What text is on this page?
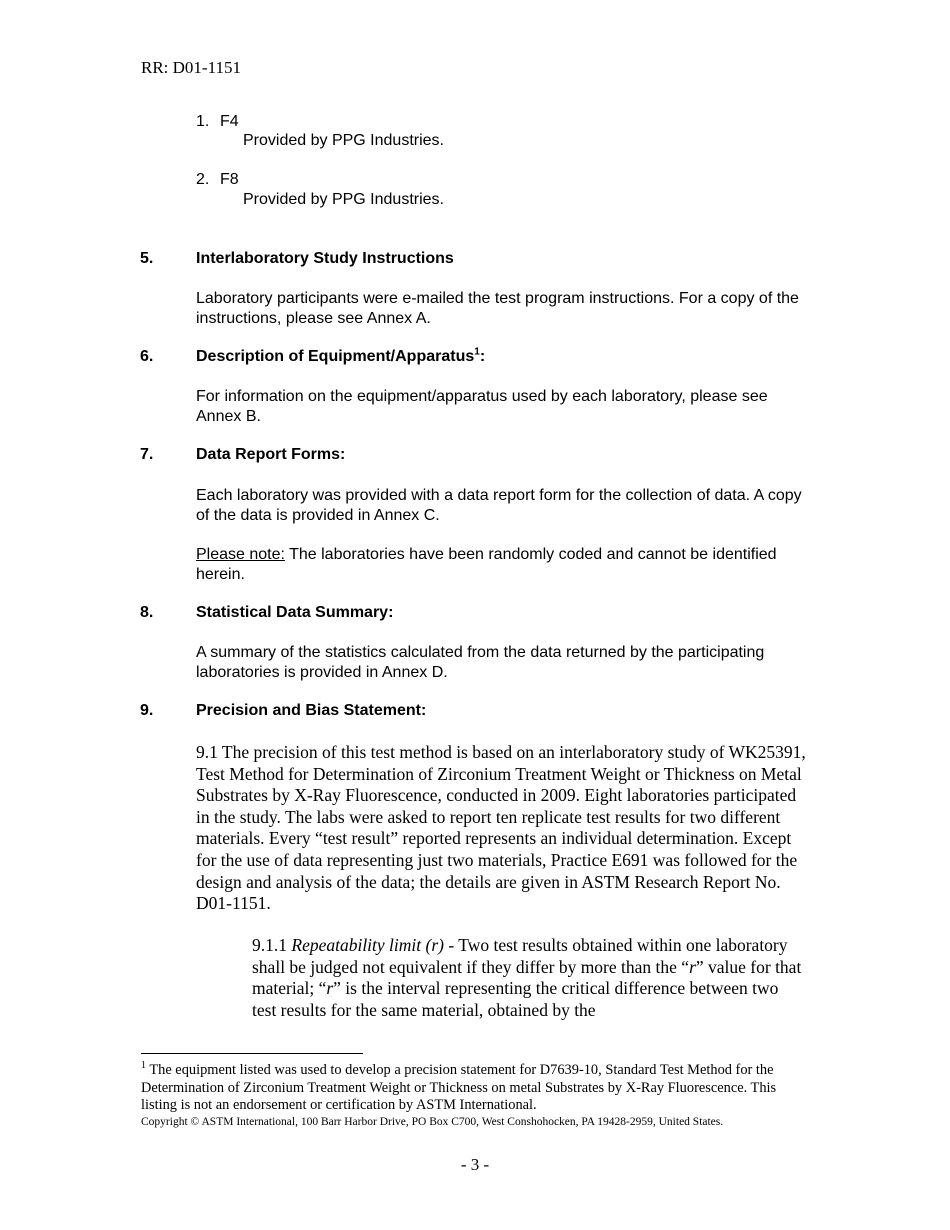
RR: D01-1151
1. F4
Provided by PPG Industries.
2. F8
Provided by PPG Industries.
5.	Interlaboratory Study Instructions
Laboratory participants were e-mailed the test program instructions. For a copy of the instructions, please see Annex A.
6.	Description of Equipment/Apparatus$^1$:
For information on the equipment/apparatus used by each laboratory, please see Annex B.
7.	Data Report Forms:
Each laboratory was provided with a data report form for the collection of data. A copy of the data is provided in Annex C.
Please note: The laboratories have been randomly coded and cannot be identified herein.
8.	Statistical Data Summary:
A summary of the statistics calculated from the data returned by the participating laboratories is provided in Annex D.
9.	Precision and Bias Statement:
9.1 The precision of this test method is based on an interlaboratory study of WK25391, Test Method for Determination of Zirconium Treatment Weight or Thickness on Metal Substrates by X-Ray Fluorescence, conducted in 2009. Eight laboratories participated in the study. The labs were asked to report ten replicate test results for two different materials. Every “test result” reported represents an individual determination. Except for the use of data representing just two materials, Practice E691 was followed for the design and analysis of the data; the details are given in ASTM Research Report No. D01-1151.
9.1.1 Repeatability limit (r) - Two test results obtained within one laboratory shall be judged not equivalent if they differ by more than the “r” value for that material; “r” is the interval representing the critical difference between two test results for the same material, obtained by the
$^1$ The equipment listed was used to develop a precision statement for D7639-10, Standard Test Method for the Determination of Zirconium Treatment Weight or Thickness on metal Substrates by X-Ray Fluorescence. This listing is not an endorsement or certification by ASTM International.
Copyright © ASTM International, 100 Barr Harbor Drive, PO Box C700, West Conshohocken, PA 19428-2959, United States.
- 3 -
